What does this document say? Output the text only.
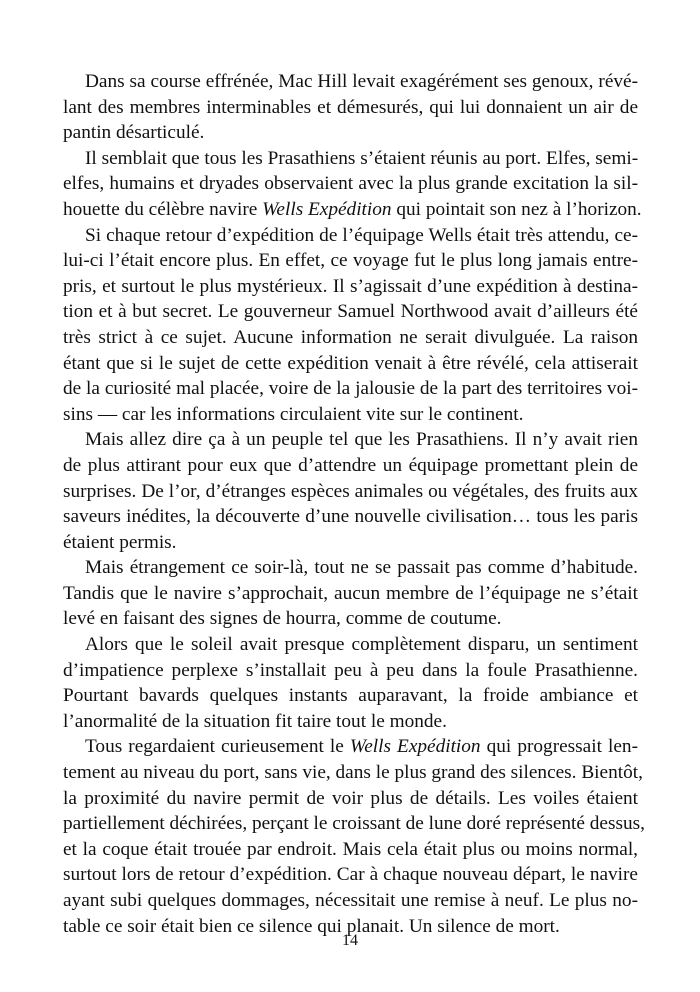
Dans sa course effrénée, Mac Hill levait exagérément ses genoux, révé-
lant des membres interminables et démesurés, qui lui donnaient un air de
pantin désarticulé.
Il semblait que tous les Prasathiens s’étaient réunis au port. Elfes, semi-
elfes, humains et dryades observaient avec la plus grande excitation la sil-
houette du célèbre navire Wells Expédition qui pointait son nez à l’horizon.
Si chaque retour d’expédition de l’équipage Wells était très attendu, ce-
lui-ci l’était encore plus. En effet, ce voyage fut le plus long jamais entre-
pris, et surtout le plus mystérieux. Il s’agissait d’une expédition à destina-
tion et à but secret. Le gouverneur Samuel Northwood avait d’ailleurs été
très strict à ce sujet. Aucune information ne serait divulguée. La raison
étant que si le sujet de cette expédition venait à être révélé, cela attiserait
de la curiosité mal placée, voire de la jalousie de la part des territoires voi-
sins — car les informations circulaient vite sur le continent.
Mais allez dire ça à un peuple tel que les Prasathiens. Il n’y avait rien
de plus attirant pour eux que d’attendre un équipage promettant plein de
surprises. De l’or, d’étranges espèces animales ou végétales, des fruits aux
saveurs inédites, la découverte d’une nouvelle civilisation… tous les paris
étaient permis.
Mais étrangement ce soir-là, tout ne se passait pas comme d’habitude.
Tandis que le navire s’approchait, aucun membre de l’équipage ne s’était
levé en faisant des signes de hourra, comme de coutume.
Alors que le soleil avait presque complètement disparu, un sentiment
d’impatience perplexe s’installait peu à peu dans la foule Prasathienne.
Pourtant bavards quelques instants auparavant, la froide ambiance et
l’anormalité de la situation fit taire tout le monde.
Tous regardaient curieusement le Wells Expédition qui progressait len-
tement au niveau du port, sans vie, dans le plus grand des silences. Bientôt,
la proximité du navire permit de voir plus de détails. Les voiles étaient
partiellement déchirées, perçant le croissant de lune doré représenté dessus,
et la coque était trouée par endroit. Mais cela était plus ou moins normal,
surtout lors de retour d’expédition. Car à chaque nouveau départ, le navire
ayant subi quelques dommages, nécessitait une remise à neuf. Le plus no-
table ce soir était bien ce silence qui planait. Un silence de mort.
14
